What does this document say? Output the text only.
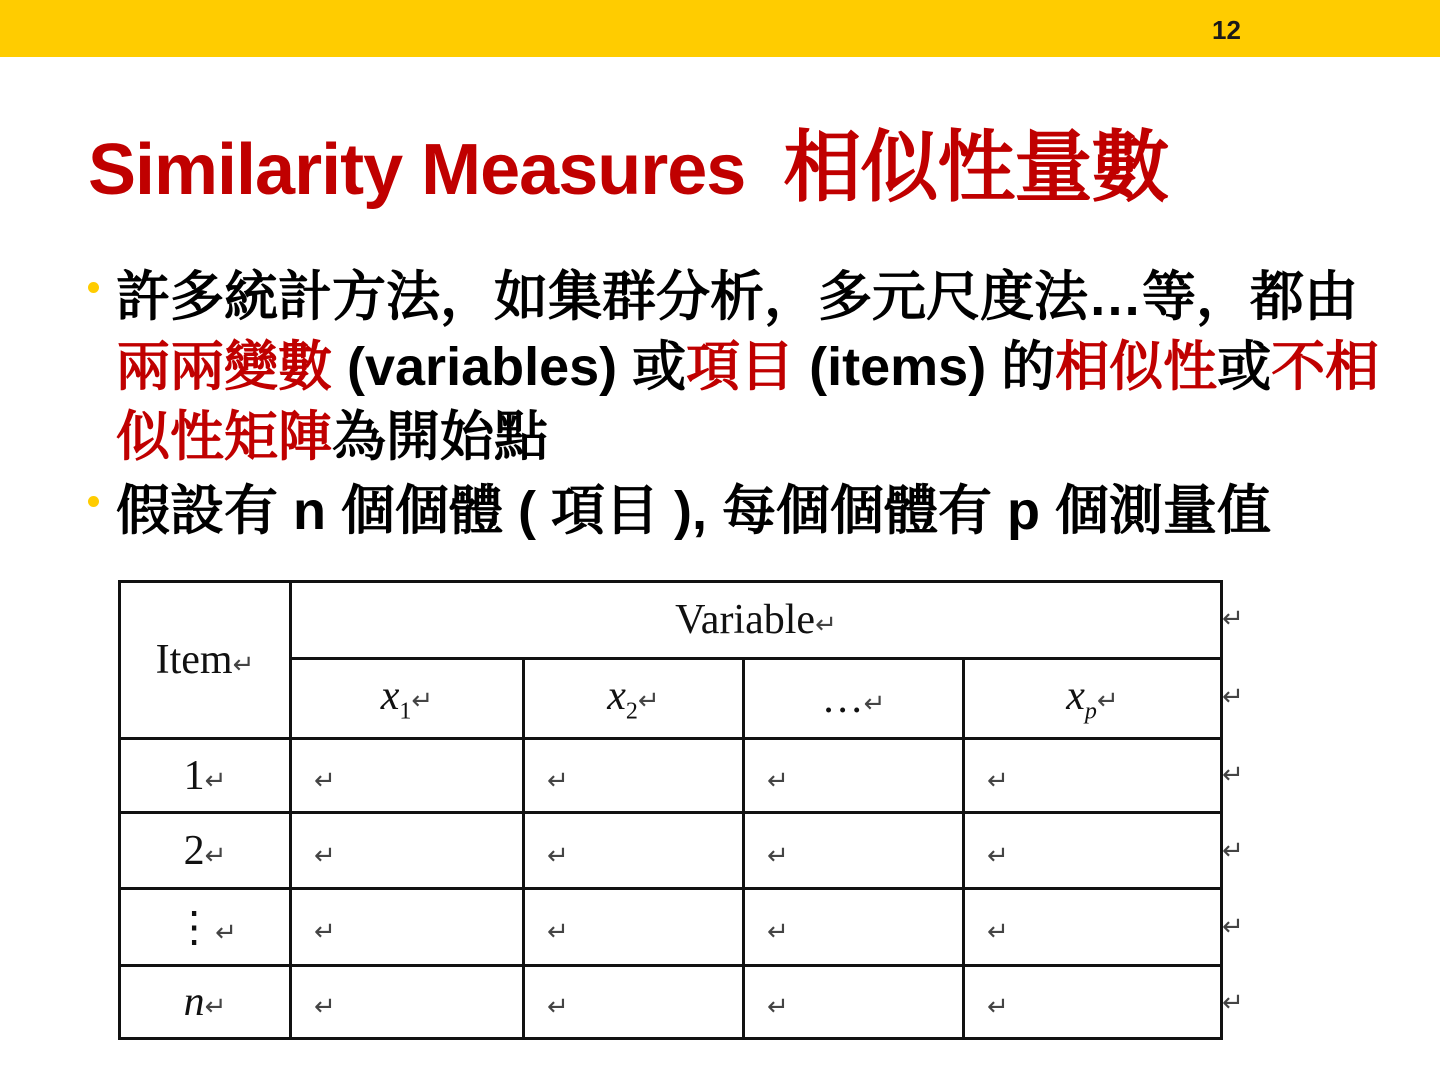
12
Similarity Measures 相似性量數
許多統計方法，如集群分析，多元尺度法…等，都由兩兩變數 (variables) 或項目 (items) 的相似性或不相似性矩陣為開始點
假設有 n 個個體 ( 項目 ), 每個個體有 p 個測量值
Item↵	Variable↵			
	$x_1↵$	$x_2↵$	…↵	$x_p↵$
1↵	↵	↵	↵	↵
2↵	↵	↵	↵	↵
⋮↵	↵	↵	↵	↵
n↵	↵	↵	↵	↵
↵
↵
↵
↵
↵
↵
